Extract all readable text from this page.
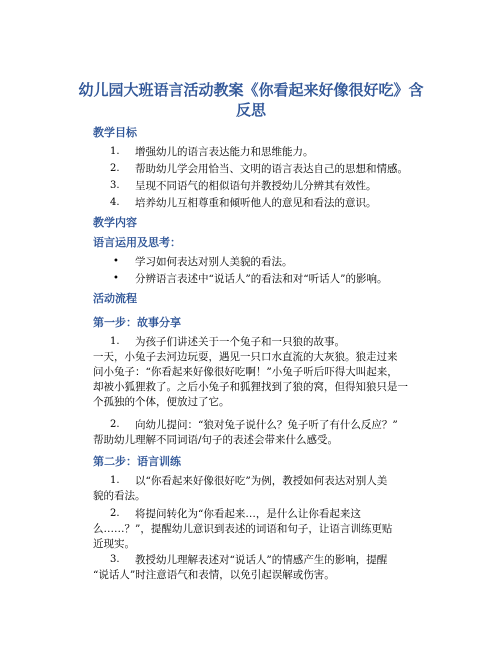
幼儿园大班语言活动教案《你看起来好像很好吃》含
反思
教学目标
1. 增强幼儿的语言表达能力和思维能力。
2. 帮助幼儿学会用恰当、文明的语言表达自己的思想和情感。
3. 呈现不同语气的相似语句并教授幼儿分辨其有效性。
4. 培养幼儿互相尊重和倾听他人的意见和看法的意识。
教学内容
语言运用及思考：
• 学习如何表达对别人美貌的看法。
• 分辨语言表述中“说话人”的看法和对“听话人”的影响。
活动流程
第一步：故事分享
1. 为孩子们讲述关于一个兔子和一只狼的故事。
一天，小兔子去河边玩耍，遇见一只口水直流的大灰狼。狼走过来
问小兔子：“你看起来好像很好吃啊！”小兔子听后吓得大叫起来，
却被小狐狸救了。之后小兔子和狐狸找到了狼的窝，但得知狼只是一
个孤独的个体，便放过了它。
2. 向幼儿提问：“狼对兔子说什么？兔子听了有什么反应？”
帮助幼儿理解不同词语/句子的表述会带来什么感受。
第二步：语言训练
1. 以“你看起来好像很好吃”为例，教授如何表达对别人美
貌的看法。
2. 将提问转化为“你看起来…，是什么让你看起来这
么……？”，提醒幼儿意识到表述的词语和句子，让语言训练更贴
近现实。
3. 教授幼儿理解表述对“说话人”的情感产生的影响，提醒
“说话人”时注意语气和表情，以免引起误解或伤害。
